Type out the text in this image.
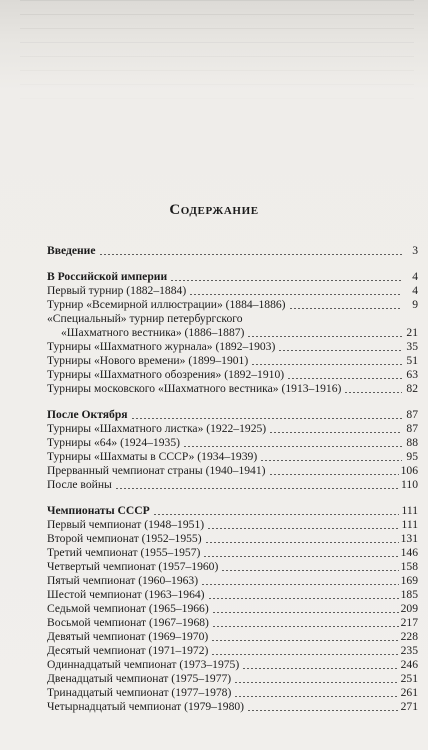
Содержание
Введение	3
В Российской империи	4
Первый турнир (1882–1884)	4
Турнир «Всемирной иллюстрации» (1884–1886)	9
«Специальный» турнир петербургского
«Шахматного вестника» (1886–1887)	21
Турниры «Шахматного журнала» (1892–1903)	35
Турниры «Нового времени» (1899–1901)	51
Турниры «Шахматного обозрения» (1892–1910)	63
Турниры московского «Шахматного вестника» (1913–1916)	82
После Октября	87
Турниры «Шахматного листка» (1922–1925)	87
Турниры «64» (1924–1935)	88
Турниры «Шахматы в СССР» (1934–1939)	95
Прерванный чемпионат страны (1940–1941)	106
После войны	110
Чемпионаты СССР	111
Первый чемпионат (1948–1951)	111
Второй чемпионат (1952–1955)	131
Третий чемпионат (1955–1957)	146
Четвертый чемпионат (1957–1960)	158
Пятый чемпионат (1960–1963)	169
Шестой чемпионат (1963–1964)	185
Седьмой чемпионат (1965–1966)	209
Восьмой чемпионат (1967–1968)	217
Девятый чемпионат (1969–1970)	228
Десятый чемпионат (1971–1972)	235
Одиннадцатый чемпионат (1973–1975)	246
Двенадцатый чемпионат (1975–1977)	251
Тринадцатый чемпионат (1977–1978)	261
Четырнадцатый чемпионат (1979–1980)	271
